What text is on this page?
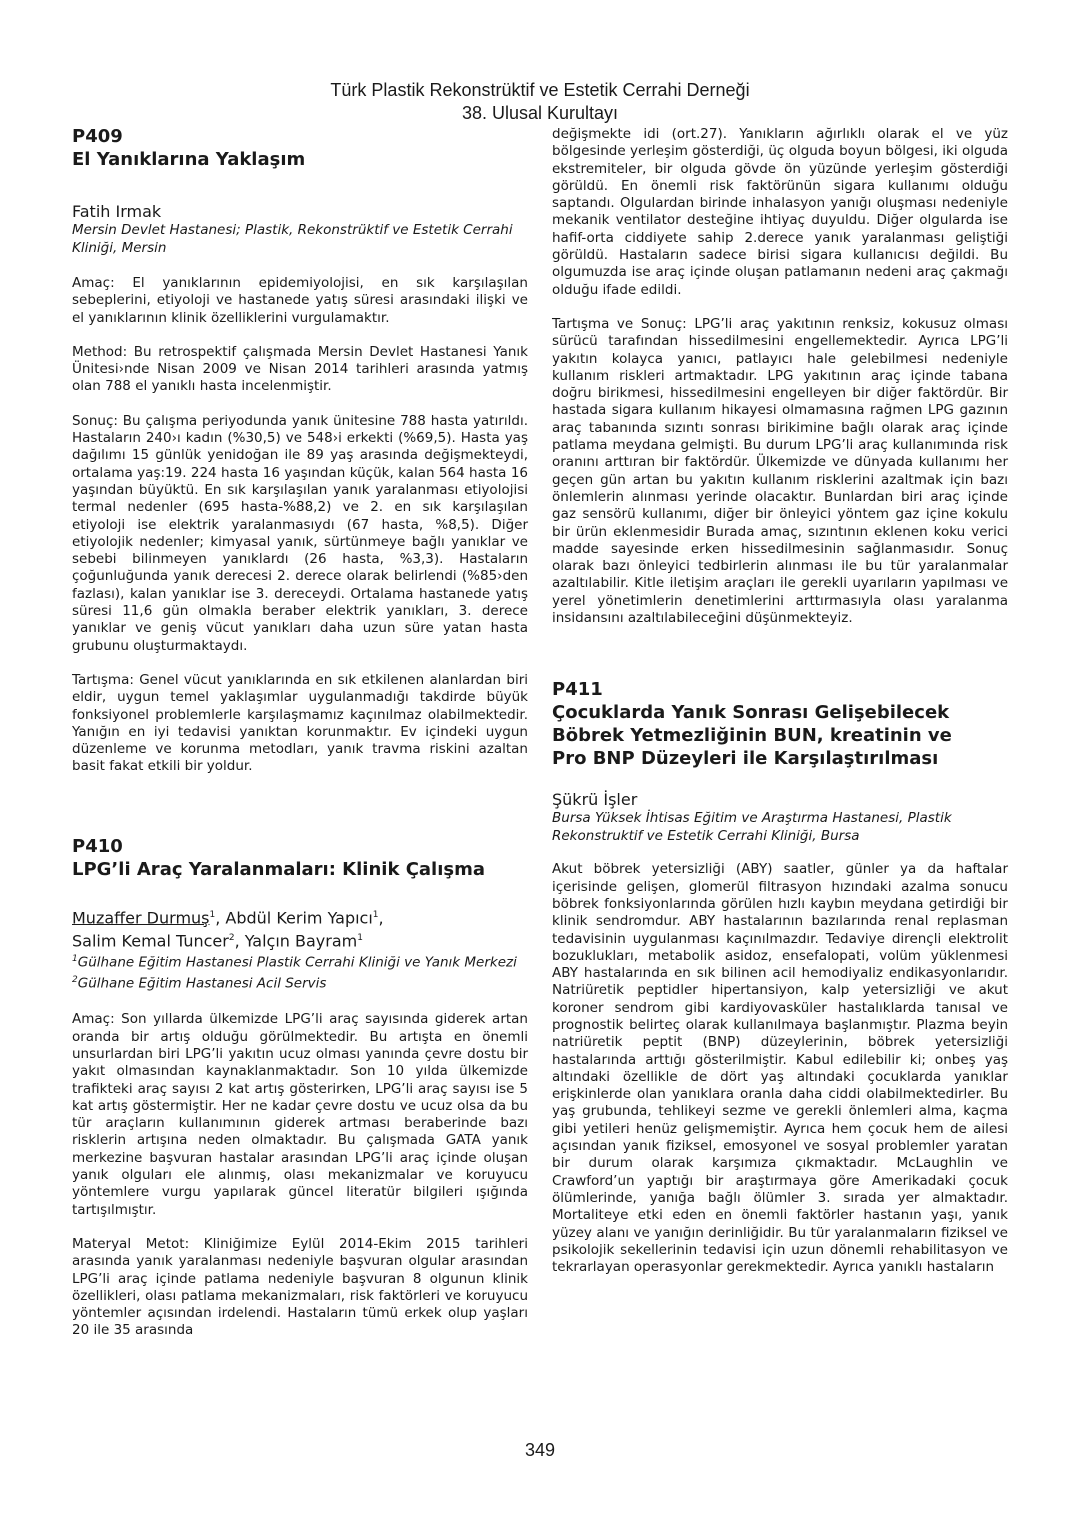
Türk Plastik Rekonstrüktif ve Estetik Cerrahi Derneği
38. Ulusal Kurultayı
P409
El Yanıklarına Yaklaşım

Fatih Irmak

Mersin Devlet Hastanesi; Plastik, Rekonstrüktif ve Estetik Cerrahi Kliniği, Mersin

Amaç: El yanıklarının epidemiyolojisi, en sık karşılaşılan sebeplerini, etiyoloji ve hastanede yatış süresi arasındaki ilişki ve el yanıklarının klinik özelliklerini vurgulamaktır.

Method: Bu retrospektif çalışmada Mersin Devlet Hastanesi Yanık Ünitesi›nde Nisan 2009 ve Nisan 2014 tarihleri arasında yatmış olan 788 el yanıklı hasta incelenmiştir.

Sonuç: Bu çalışma periyodunda yanık ünitesine 788 hasta yatırıldı. Hastaların 240›ı kadın (%30,5) ve 548›i erkekti (%69,5). Hasta yaş dağılımı 15 günlük yenidoğan ile 89 yaş arasında değişmekteydi, ortalama yaş:19. 224 hasta 16 yaşından küçük, kalan 564 hasta 16 yaşından büyüktü. En sık karşılaşılan yanık yaralanması etiyolojisi termal nedenler (695 hasta-%88,2) ve 2. en sık karşılaşılan etiyoloji ise elektrik yaralanmasıydı (67 hasta, %8,5). Diğer etiyolojik nedenler; kimyasal yanık, sürtünmeye bağlı yanıklar ve sebebi bilinmeyen yanıklardı (26 hasta, %3,3). Hastaların çoğunluğunda yanık derecesi 2. derece olarak belirlendi (%85›den fazlası), kalan yanıklar ise 3. dereceydi. Ortalama hastanede yatış süresi 11,6 gün olmakla beraber elektrik yanıkları, 3. derece yanıklar ve geniş vücut yanıkları daha uzun süre yatan hasta grubunu oluşturmaktaydı.

Tartışma: Genel vücut yanıklarında en sık etkilenen alanlardan biri eldir, uygun temel yaklaşımlar uygulanmadığı takdirde büyük fonksiyonel problemlerle karşılaşmamız kaçınılmaz olabilmektedir. Yanığın en iyi tedavisi yanıktan korunmaktır. Ev içindeki uygun düzenleme ve korunma metodları, yanık travma riskini azaltan basit fakat etkili bir yoldur.

P410
LPG’li Araç Yaralanmaları: Klinik Çalışma

Muzaffer Durmuş$^1$, Abdül Kerim Yapıcı$^1$,
Salim Kemal Tuncer$^2$, Yalçın Bayram$^1$

$^1$Gülhane Eğitim Hastanesi Plastik Cerrahi Kliniği ve Yanık Merkezi

$^2$Gülhane Eğitim Hastanesi Acil Servis

Amaç: Son yıllarda ülkemizde LPG’li araç sayısında giderek artan oranda bir artış olduğu görülmektedir. Bu artışta en önemli unsurlardan biri LPG’li yakıtın ucuz olması yanında çevre dostu bir yakıt olmasından kaynaklanmaktadır. Son 10 yılda ülkemizde trafikteki araç sayısı 2 kat artış gösterirken, LPG’li araç sayısı ise 5 kat artış göstermiştir. Her ne kadar çevre dostu ve ucuz olsa da bu tür araçların kullanımının giderek artması beraberinde bazı risklerin artışına neden olmaktadır. Bu çalışmada GATA yanık merkezine başvuran hastalar arasından LPG’li araç içinde oluşan yanık olguları ele alınmış, olası mekanizmalar ve koruyucu yöntemlere vurgu yapılarak güncel literatür bilgileri ışığında tartışılmıştır.

Materyal Metot: Kliniğimize Eylül 2014-Ekim 2015 tarihleri arasında yanık yaralanması nedeniyle başvuran olgular arasından LPG’li araç içinde patlama nedeniyle başvuran 8 olgunun klinik özellikleri, olası patlama mekanizmaları, risk faktörleri ve koruyucu yöntemler açısından irdelendi. Hastaların tümü erkek olup yaşları 20 ile 35 arasında

değişmekte idi (ort.27). Yanıkların ağırlıklı olarak el ve yüz bölgesinde yerleşim gösterdiği, üç olguda boyun bölgesi, iki olguda ekstremiteler, bir olguda gövde ön yüzünde yerleşim gösterdiği görüldü. En önemli risk faktörünün sigara kullanımı olduğu saptandı. Olgulardan birinde inhalasyon yanığı oluşması nedeniyle mekanik ventilator desteğine ihtiyaç duyuldu. Diğer olgularda ise hafif-orta ciddiyete sahip 2.derece yanık yaralanması geliştiği görüldü. Hastaların sadece birisi sigara kullanıcısı değildi. Bu olgumuzda ise araç içinde oluşan patlamanın nedeni araç çakmağı olduğu ifade edildi.

Tartışma ve Sonuç: LPG’li araç yakıtının renksiz, kokusuz olması sürücü tarafından hissedilmesini engellemektedir. Ayrıca LPG’li yakıtın kolayca yanıcı, patlayıcı hale gelebilmesi nedeniyle kullanım riskleri artmaktadır. LPG yakıtının araç içinde tabana doğru birikmesi, hissedilmesini engelleyen bir diğer faktördür. Bir hastada sigara kullanım hikayesi olmamasına rağmen LPG gazının araç tabanında sızıntı sonrası birikimine bağlı olarak araç içinde patlama meydana gelmişti. Bu durum LPG’li araç kullanımında risk oranını arttıran bir faktördür. Ülkemizde ve dünyada kullanımı her geçen gün artan bu yakıtın kullanım risklerini azaltmak için bazı önlemlerin alınması yerinde olacaktır. Bunlardan biri araç içinde gaz sensörü kullanımı, diğer bir önleyici yöntem gaz içine kokulu bir ürün eklenmesidir Burada amaç, sızıntının eklenen koku verici madde sayesinde erken hissedilmesinin sağlanmasıdır. Sonuç olarak bazı önleyici tedbirlerin alınması ile bu tür yaralanmalar azaltılabilir. Kitle iletişim araçları ile gerekli uyarıların yapılması ve yerel yönetimlerin denetimlerini arttırmasıyla olası yaralanma insidansını azaltılabileceğini düşünmekteyiz.

P411
Çocuklarda Yanık Sonrası Gelişebilecek
Böbrek Yetmezliğinin BUN, kreatinin ve
Pro BNP Düzeyleri ile Karşılaştırılması

Şükrü İşler

Bursa Yüksek İhtisas Eğitim ve Araştırma Hastanesi, Plastik Rekonstruktif ve Estetik Cerrahi Kliniği, Bursa

Akut böbrek yetersizliği (ABY) saatler, günler ya da haftalar içerisinde gelişen, glomerül filtrasyon hızındaki azalma sonucu böbrek fonksiyonlarında görülen hızlı kaybın meydana getirdiği bir klinik sendromdur. ABY hastalarının bazılarında renal replasman tedavisinin uygulanması kaçınılmazdır. Tedaviye dirençli elektrolit bozuklukları, metabolik asidoz, ensefalopati, volüm yüklenmesi ABY hastalarında en sık bilinen acil hemodiyaliz endikasyonlarıdır. Natriüretik peptidler hipertansiyon, kalp yetersizliği ve akut koroner sendrom gibi kardiyovasküler hastalıklarda tanısal ve prognostik belirteç olarak kullanılmaya başlanmıştır. Plazma beyin natriüretik peptit (BNP) düzeylerinin, böbrek yetersizliği hastalarında arttığı gösterilmiştir. Kabul edilebilir ki; onbeş yaş altındaki özellikle de dört yaş altındaki çocuklarda yanıklar erişkinlerde olan yanıklara oranla daha ciddi olabilmektedirler. Bu yaş grubunda, tehlikeyi sezme ve gerekli önlemleri alma, kaçma gibi yetileri henüz gelişmemiştir. Ayrıca hem çocuk hem de ailesi açısından yanık fiziksel, emosyonel ve sosyal problemler yaratan bir durum olarak karşımıza çıkmaktadır. McLaughlin ve Crawford’un yaptığı bir araştırmaya göre Amerikadaki çocuk ölümlerinde, yanığa bağlı ölümler 3. sırada yer almaktadır. Mortaliteye etki eden en önemli faktörler hastanın yaşı, yanık yüzey alanı ve yanığın derinliğidir. Bu tür yaralanmaların fiziksel ve psikolojik sekellerinin tedavisi için uzun dönemli rehabilitasyon ve tekrarlayan operasyonlar gerekmektedir. Ayrıca yanıklı hastaların

349
